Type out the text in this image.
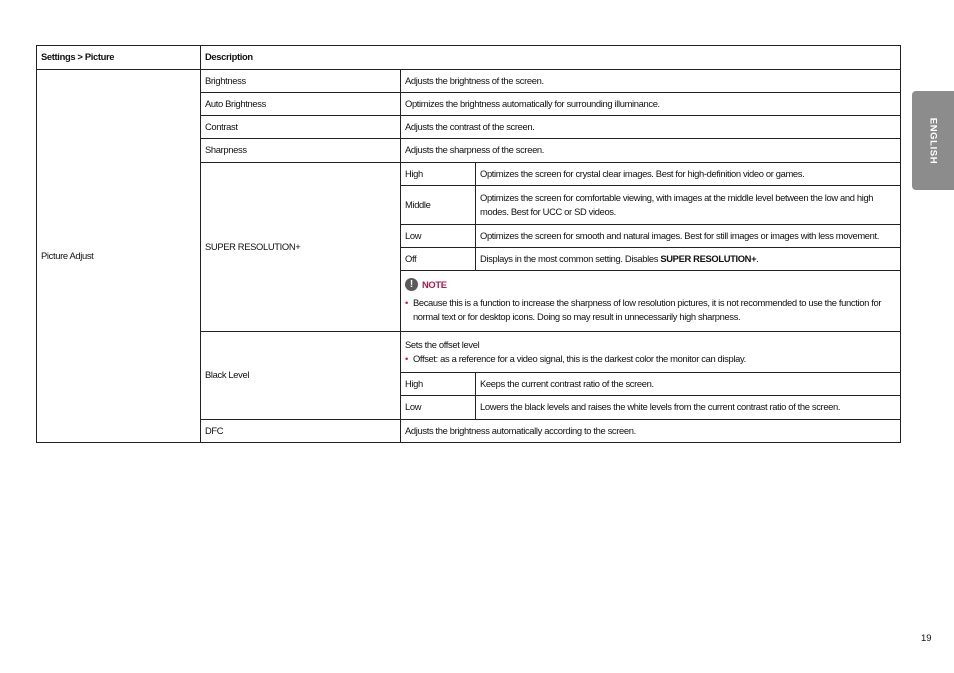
Settings > Picture	Description		
Picture Adjust	Brightness	Adjusts the brightness of the screen.	
	Auto Brightness	Optimizes the brightness automatically for surrounding illuminance.	
	Contrast	Adjusts the contrast of the screen.	
	Sharpness	Adjusts the sharpness of the screen.	
	SUPER RESOLUTION+	High	Optimizes the screen for crystal clear images. Best for high-definition video or games.
		Middle	Optimizes the screen for comfortable viewing, with images at the middle level between the low and high modes. Best for UCC or SD videos.
		Low	Optimizes the screen for smooth and natural images. Best for still images or images with less movement.
		Off	Displays in the most common setting. Disables SUPER RESOLUTION+.

! NOTE
• Because this is a function to increase the sharpness of low resolution pictures, it is not recommended to use the function for normal text or for desktop icons. Doing so may result in unnecessarily high sharpness.	

	Black Level	Sets the offset level
• Offset: as a reference for a video signal, this is the darkest color the monitor can display.	

		High	Keeps the current contrast ratio of the screen.
		Low	Lowers the black levels and raises the white levels from the current contrast ratio of the screen.
	DFC	Adjusts the brightness automatically according to the screen.	
ENGLISH
19
